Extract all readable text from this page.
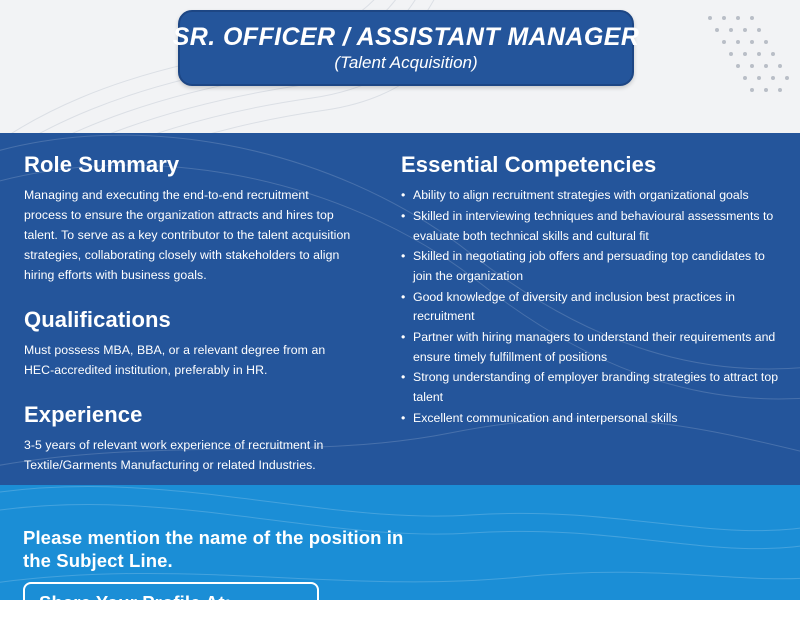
SR. OFFICER / ASSISTANT MANAGER
(Talent Acquisition)
Role Summary

Managing and executing the end-to-end recruitment process to ensure the organization attracts and hires top talent. To serve as a key contributor to the talent acquisition strategies, collaborating closely with stakeholders to align hiring efforts with business goals.

Qualifications

Must possess MBA, BBA, or a relevant degree from an HEC-accredited institution, preferably in HR.

Experience

3-5 years of relevant work experience of recruitment in Textile/Garments Manufacturing or related Industries.

Essential Competencies
• Ability to align recruitment strategies with organizational goals
• Skilled in interviewing techniques and behavioural assessments to evaluate both technical skills and cultural fit
• Skilled in negotiating job offers and persuading top candidates to join the organization
• Good knowledge of diversity and inclusion best practices in recruitment
• Partner with hiring managers to understand their requirements and ensure timely fulfillment of positions
• Strong understanding of employer branding strategies to attract top talent
• Excellent communication and interpersonal skills
Please mention the name of the position in the Subject Line.
Share Your Profile At:
